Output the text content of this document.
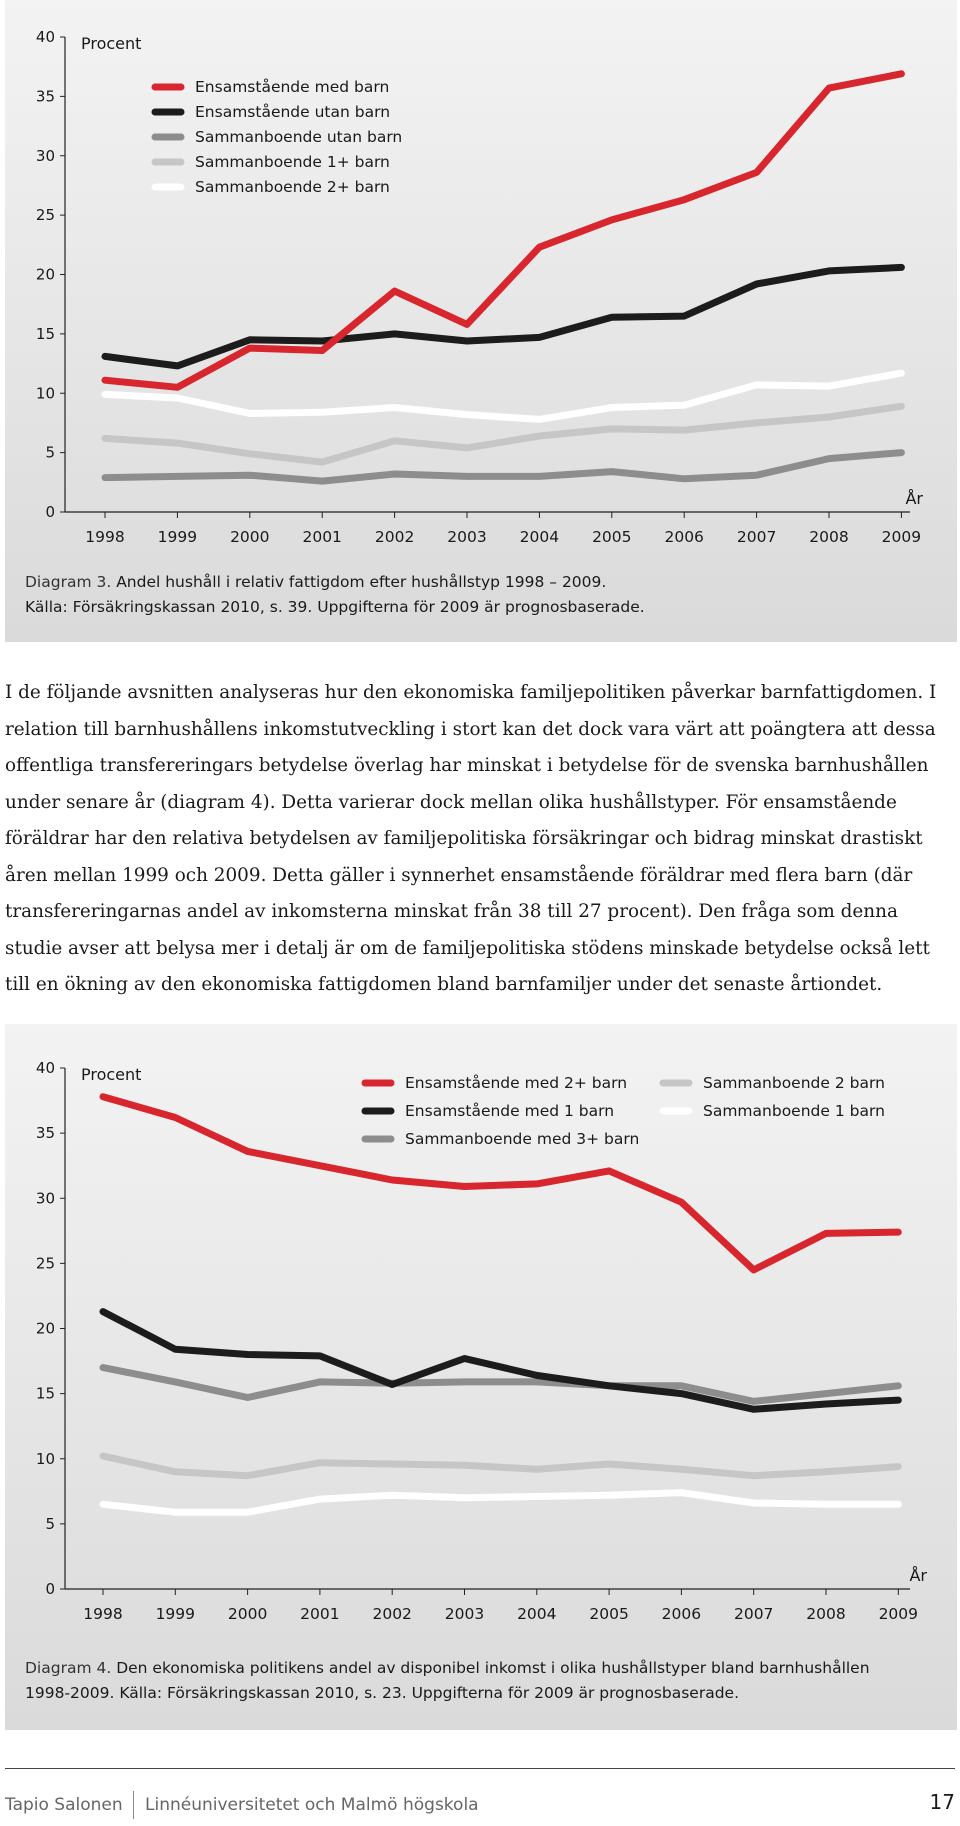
0
5
10
15
20
25
30
35
40
1998 1999 2000 2001 2002 2003 2004 2005 2006 2007 2008 2009
Procent
År
Ensamstående med barn
Ensamstående utan barn
Sammanboende utan barn
Sammanboende 1+ barn
Sammanboende 2+ barn
Diagram 3. Andel hushåll i relativ fattigdom efter hushållstyp 1998 – 2009.
Källa: Försäkringskassan 2010, s. 39. Uppgifterna för 2009 är prognosbaserade.

I de följande avsnitten analyseras hur den ekonomiska familjepolitiken påverkar barnfattigdomen. I relation till barnhushållens inkomstutveckling i stort kan det dock vara värt att poängtera att dessa offentliga transfereringars betydelse överlag har minskat i betydelse för de svenska barnhushållen under senare år (diagram 4). Detta varierar dock mellan olika hushållstyper. För ensamstående föräldrar har den relativa betydelsen av familjepolitiska försäkringar och bidrag minskat drastiskt åren mellan 1999 och 2009. Detta gäller i synnerhet ensamstående föräldrar med flera barn (där transfereringarnas andel av inkomsterna minskat från 38 till 27 procent). Den fråga som denna studie avser att belysa mer i detalj är om de familjepolitiska stödens minskade betydelse också lett till en ökning av den ekonomiska fattigdomen bland barnfamiljer under det senaste årtiondet.

0
5
10
15
20
25
30
35
40
1998 1999 2000 2001 2002 2003 2004 2005 2006 2007 2008 2009
Procent
År
Ensamstående med 2+ barn
Ensamstående med 1 barn
Sammanboende med 3+ barn
Sammanboende 2 barn
Sammanboende 1 barn
Diagram 4. Den ekonomiska politikens andel av disponibel inkomst i olika hushållstyper bland barnhushållen
1998-2009. Källa: Försäkringskassan 2010, s. 23. Uppgifterna för 2009 är prognosbaserade.
Tapio Salonen Linnéuniversitetet och Malmö högskola	17
